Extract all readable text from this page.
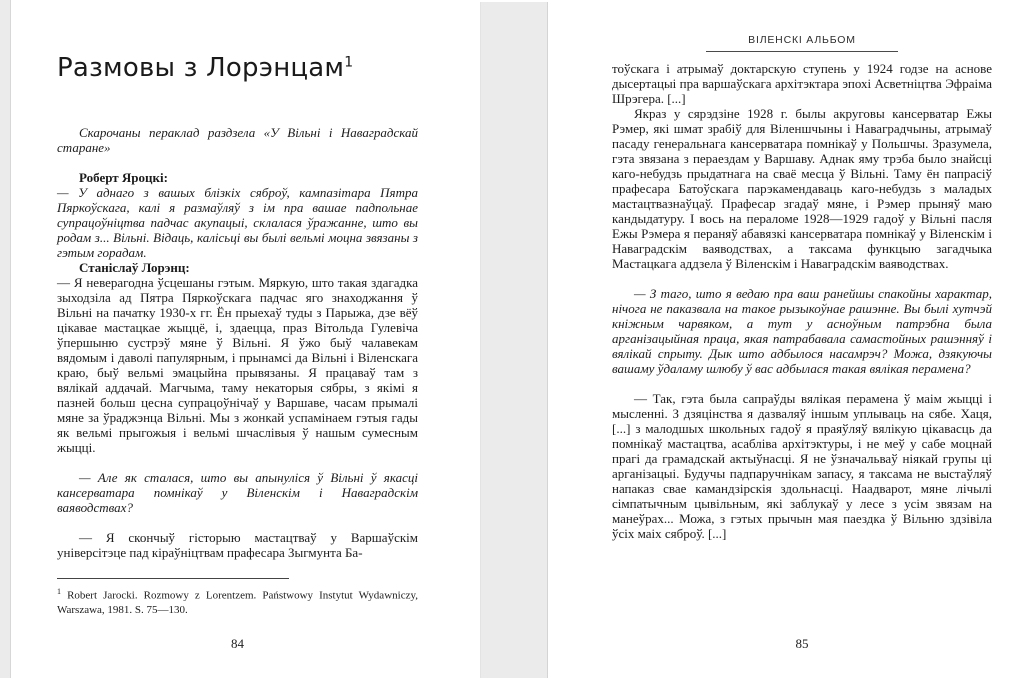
Размовы з Лорэнцам$^1$

Скарочаны пераклад раздзела «У Вільні і Наваградскай старане»

Роберт Яроцкі:

— У аднаго з вашых блізкіх сяброў, кампазітара Пятра Пяркоўскага, калі я размаўляў з ім пра вашае падпольнае супрацоўніцтва падчас акупацыі, склалася ўражанне, што вы родам з... Вільні. Відаць, калісьці вы былі вельмі моцна звязаны з гэтым горадам.

Станіслаў Лорэнц:

— Я неверагодна ўсцешаны гэтым. Мяркую, што такая здагадка зыходзіла ад Пятра Пяркоўскага падчас яго знаходжання ў Вільні на пачатку 1930-х гг. Ён прыехаў туды з Парыжа, дзе вёў цікавае мастацкае жыццё, і, здаецца, праз Вітольда Гулевіча ўпершыню сустрэў мяне ў Вільні. Я ўжо быў чалавекам вядомым і даволі папулярным, і прынамсі да Вільні і Віленскага краю, быў вельмі эмацыйна прывязаны. Я працаваў там з вялікай аддачай. Магчыма, таму некаторыя сябры, з якімі я пазней больш цесна супрацоўнічаў у Варшаве, часам прымалі мяне за ўраджэнца Вільні. Мы з жонкай успамінаем гэтыя гады як вельмі прыгожыя і вельмі шчаслівыя ў нашым сумесным жыцці.

— Але як сталася, што вы апынуліся ў Вільні ў якасці кансерватара помнікаў у Віленскім і Наваградскім ваяводствах?

— Я скончыў гісторыю мастацтваў у Варшаўскім універсітэце пад кіраўніцтвам прафесара Зыгмунта Ба-

$^1$ Robert Jarocki. Rozmowy z Lorentzem. Państwowy Instytut Wydawniczy, Warszawa, 1981. S. 75—130.

84
ВІЛЕНСКІ АЛЬБОМ

тоўскага і атрымаў доктарскую ступень у 1924 годзе на аснове дысертацыі пра варшаўскага архітэктара эпохі Асветніцтва Эфраіма Шрэгера. [...]

Якраз у сярэдзіне 1928 г. былы акруговы кансерватар Ежы Рэмер, які шмат зрабіў для Віленшчыны і Наваградчыны, атрымаў пасаду генеральнага кансерватара помнікаў у Польшчы. Зразумела, гэта звязана з пераездам у Варшаву. Аднак яму трэба было знайсці каго-небудзь прыдатнага на сваё месца ў Вільні. Таму ён папрасіў прафесара Батоўскага парэкамендаваць каго-небудзь з маладых мастацтвазнаўцаў. Прафесар згадаў мяне, і Рэмер прыняў маю кандыдатуру. І вось на пераломе 1928—1929 гадоў у Вільні пасля Ежы Рэмера я пераняў абавязкі кансерватара помнікаў у Віленскім і Наваградскім ваяводствах, а таксама функцыю загадчыка Мастацкага аддзела ў Віленскім і Наваградскім ваяводствах.

— З таго, што я ведаю пра ваш ранейшы спакойны характар, нічога не паказвала на такое рызыкоўнае рашэнне. Вы былі хутчэй кніжным чарвяком, а тут у асноўным патрэбна была арганізацыйная праца, якая патрабавала самастойных рашэнняў і вялікай спрыту. Дык што адбылося насамрэч? Можа, дзякуючы вашаму ўдаламу шлюбу ў вас адбылася такая вялікая перамена?

— Так, гэта была сапраўды вялікая перамена ў маім жыцці і мысленні. З дзяцінства я дазваляў іншым уплываць на сябе. Хаця, [...] з малодшых школьных гадоў я праяўляў вялікую цікавасць да помнікаў мастацтва, асабліва архітэктуры, і не меў у сабе моцнай прагі да грамадскай актыўнасці. Я не ўзначальваў ніякай групы ці арганізацыі. Будучы падпаручнікам запасу, я таксама не выстаўляў напаказ свае камандзірскія здольнасці. Наадварот, мяне лічылі сімпатычным цывільным, які заблукаў у лесе з усім звязам на манеўрах... Можа, з гэтых прычын мая паездка ў Вільню здзівіла ўсіх маіх сяброў. [...]

85
